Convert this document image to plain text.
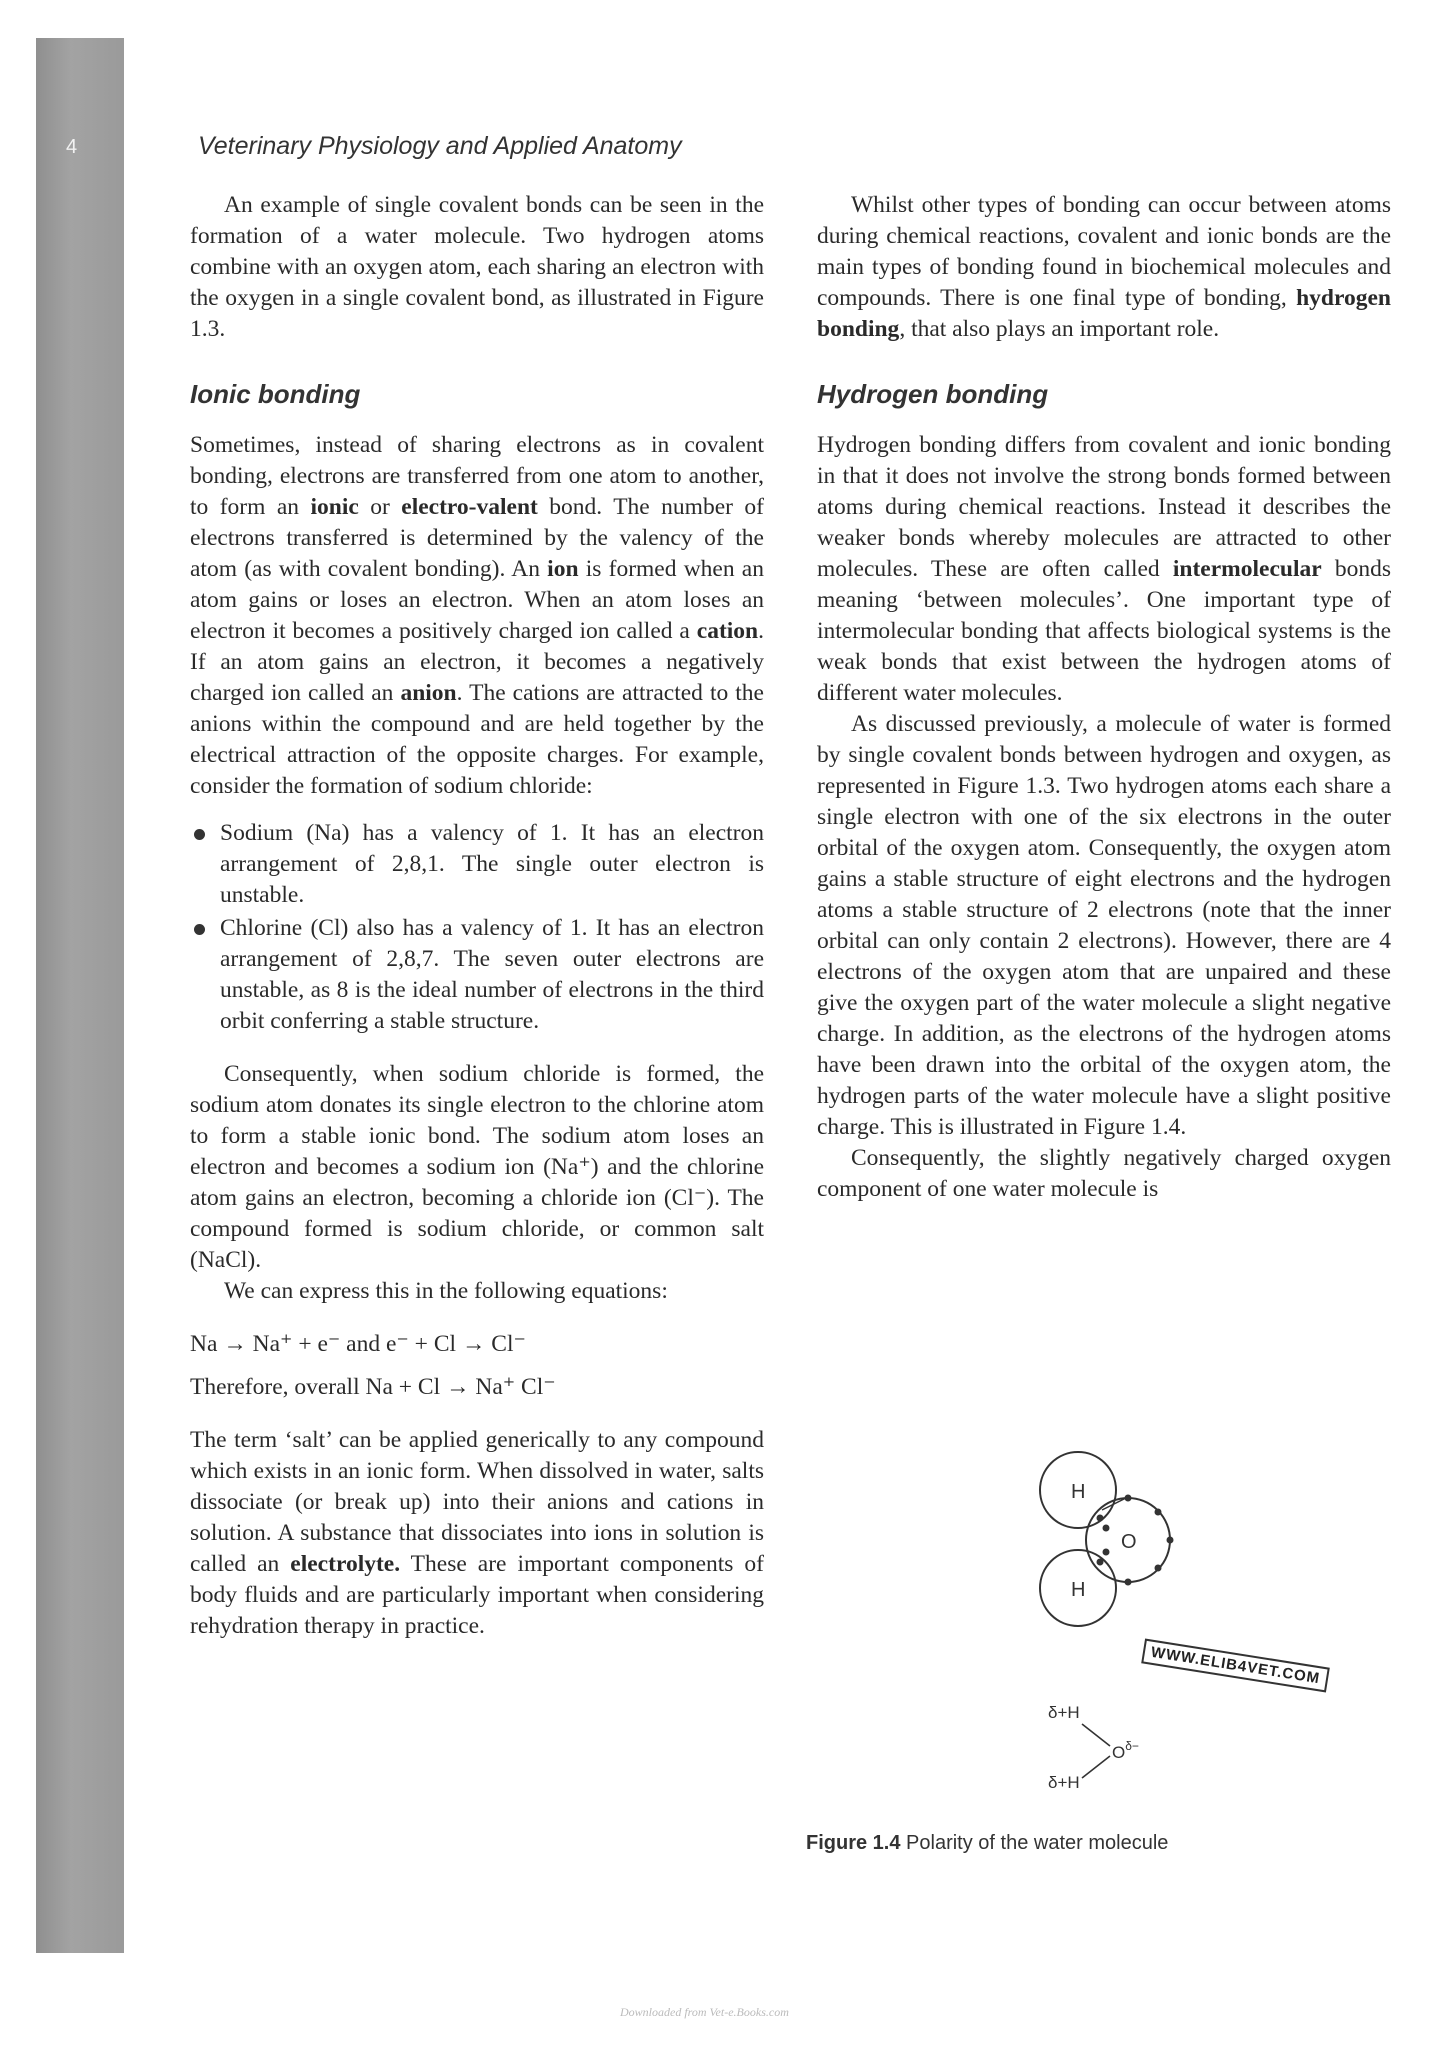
4	Veterinary Physiology and Applied Anatomy

An example of single covalent bonds can be seen in the formation of a water molecule. Two hydrogen atoms combine with an oxygen atom, each sharing an electron with the oxygen in a single covalent bond, as illustrated in Figure 1.3.

Ionic bonding

Sometimes, instead of sharing electrons as in covalent bonding, electrons are transferred from one atom to another, to form an ionic or electro-valent bond. The number of electrons transferred is determined by the valency of the atom (as with covalent bonding). An ion is formed when an atom gains or loses an electron. When an atom loses an electron it becomes a positively charged ion called a cation. If an atom gains an electron, it becomes a negatively charged ion called an anion. The cations are attracted to the anions within the compound and are held together by the electrical attraction of the opposite charges. For example, consider the formation of sodium chloride:

Sodium (Na) has a valency of 1. It has an electron arrangement of 2,8,1. The single outer electron is unstable.
Chlorine (Cl) also has a valency of 1. It has an electron arrangement of 2,8,7. The seven outer electrons are unstable, as 8 is the ideal number of electrons in the third orbit conferring a stable structure.

Consequently, when sodium chloride is formed, the sodium atom donates its single electron to the chlorine atom to form a stable ionic bond. The sodium atom loses an electron and becomes a sodium ion (Na⁺) and the chlorine atom gains an electron, becoming a chloride ion (Cl⁻). The compound formed is sodium chloride, or common salt (NaCl).

We can express this in the following equations:

Na → Na⁺ + e⁻ and e⁻ + Cl → Cl⁻

Therefore, overall Na + Cl → Na⁺ Cl⁻

The term ‘salt’ can be applied generically to any compound which exists in an ionic form. When dissolved in water, salts dissociate (or break up) into their anions and cations in solution. A substance that dissociates into ions in solution is called an electrolyte. These are important components of body fluids and are particularly important when considering rehydration therapy in practice.

Whilst other types of bonding can occur between atoms during chemical reactions, covalent and ionic bonds are the main types of bonding found in biochemical molecules and compounds. There is one final type of bonding, hydrogen bonding, that also plays an important role.

Hydrogen bonding

Hydrogen bonding differs from covalent and ionic bonding in that it does not involve the strong bonds formed between atoms during chemical reactions. Instead it describes the weaker bonds whereby molecules are attracted to other molecules. These are often called intermolecular bonds meaning ‘between molecules’. One important type of intermolecular bonding that affects biological systems is the weak bonds that exist between the hydrogen atoms of different water molecules.

As discussed previously, a molecule of water is formed by single covalent bonds between hydrogen and oxygen, as represented in Figure 1.3. Two hydrogen atoms each share a single electron with one of the six electrons in the outer orbital of the oxygen atom. Consequently, the oxygen atom gains a stable structure of eight electrons and the hydrogen atoms a stable structure of 2 electrons (note that the inner orbital can only contain 2 electrons). However, there are 4 electrons of the oxygen atom that are unpaired and these give the oxygen part of the water molecule a slight negative charge. In addition, as the electrons of the hydrogen atoms have been drawn into the orbital of the oxygen atom, the hydrogen parts of the water molecule have a slight positive charge. This is illustrated in Figure 1.4.

Consequently, the slightly negatively charged oxygen component of one water molecule is

H
O
H
δ+H
δ+H
$O^{\delta-}$
WWW.ELIB4VET.COM
Figure 1.4 Polarity of the water molecule
Downloaded from Vet-e.Books.com
